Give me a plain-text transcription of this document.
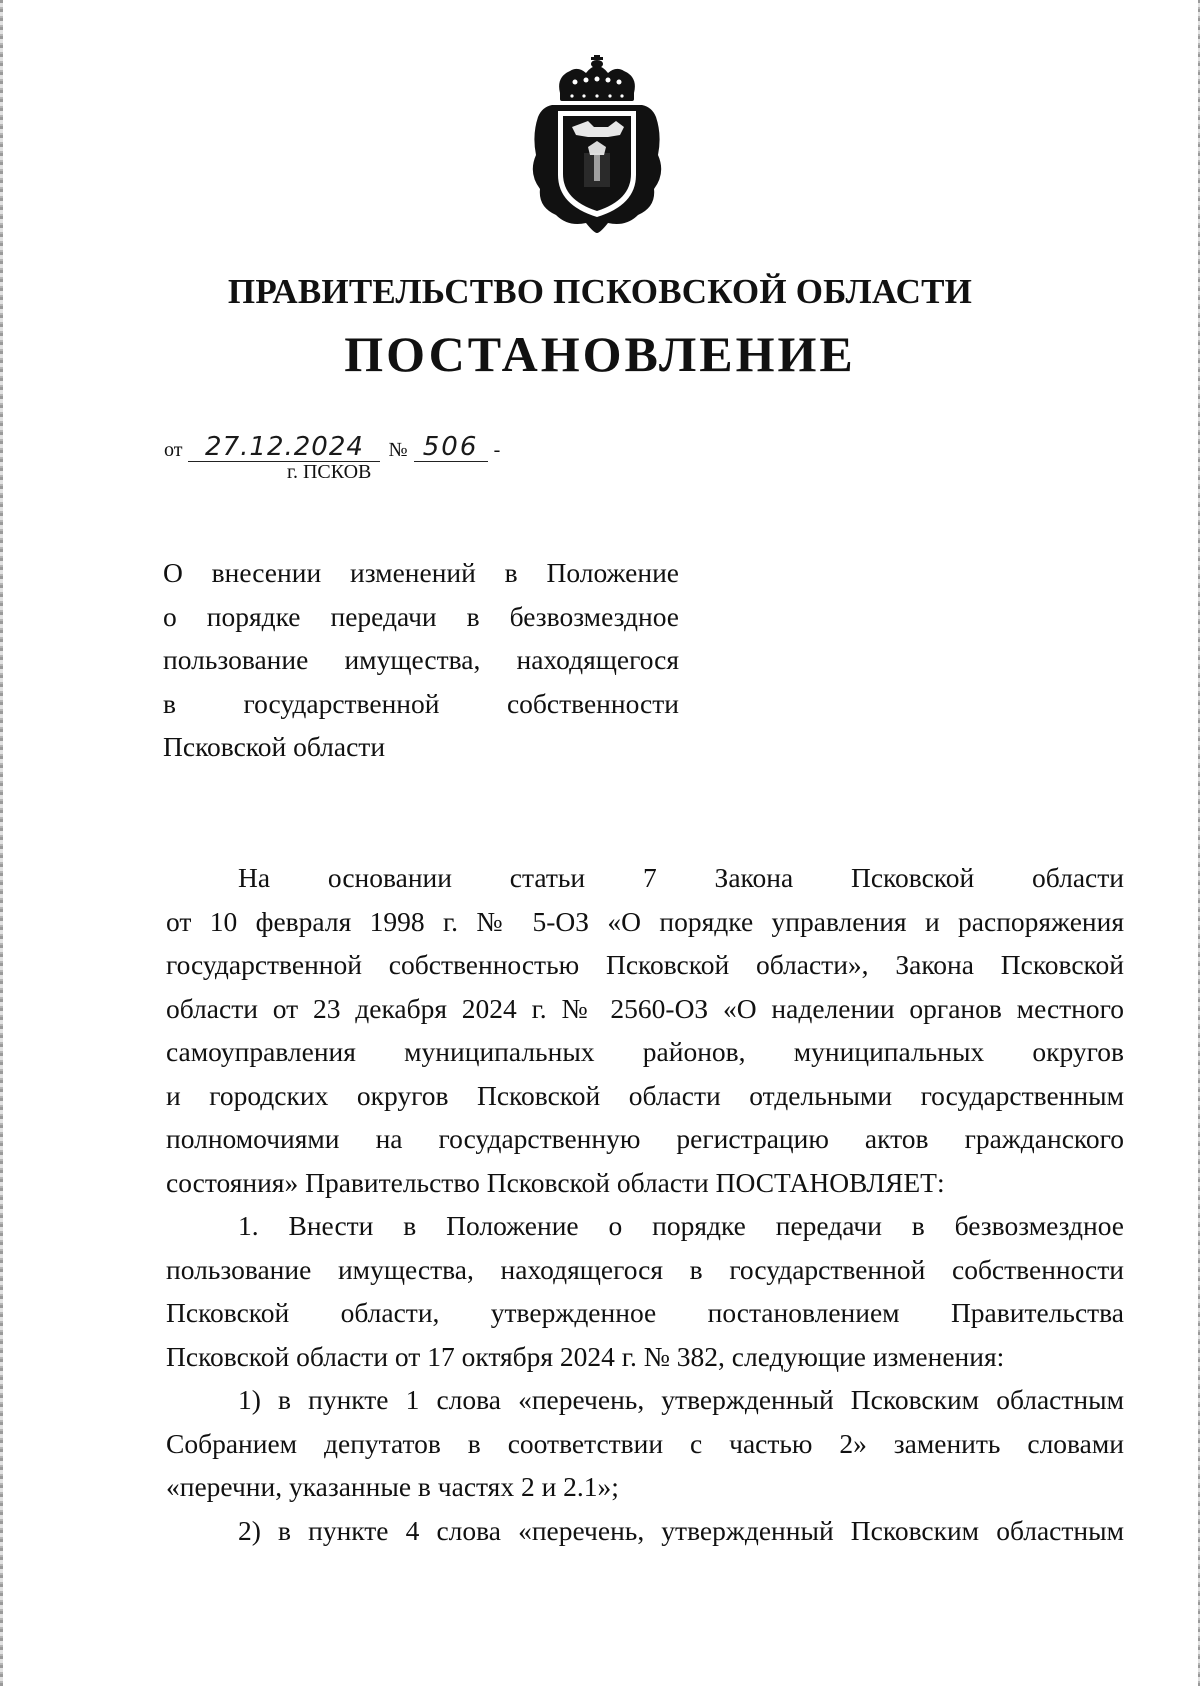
ПРАВИТЕЛЬСТВО ПСКОВСКОЙ ОБЛАСТИ
ПОСТАНОВЛЕНИЕ
от 27.12.2024	№ 506 -
г. ПСКОВ
О внесении изменений в Положение
о порядке передачи в безвозмездное
пользование имущества, находящегося
в государственной собственности
Псковской области
На основании статьи 7 Закона Псковской области
от 10 февраля 1998 г. № 5-ОЗ «О порядке управления и распоряжения
государственной собственностью Псковской области», Закона Псковской
области от 23 декабря 2024 г. № 2560-ОЗ «О наделении органов местного
самоуправления муниципальных районов, муниципальных округов
и городских округов Псковской области отдельными государственным
полномочиями на государственную регистрацию актов гражданского
состояния» Правительство Псковской области ПОСТАНОВЛЯЕТ:
1. Внести в Положение о порядке передачи в безвозмездное
пользование имущества, находящегося в государственной собственности
Псковской области, утвержденное постановлением Правительства
Псковской области от 17 октября 2024 г. № 382, следующие изменения:
1) в пункте 1 слова «перечень, утвержденный Псковским областным
Собранием депутатов в соответствии с частью 2» заменить словами
«перечни, указанные в частях 2 и 2.1»;
2) в пункте 4 слова «перечень, утвержденный Псковским областным
